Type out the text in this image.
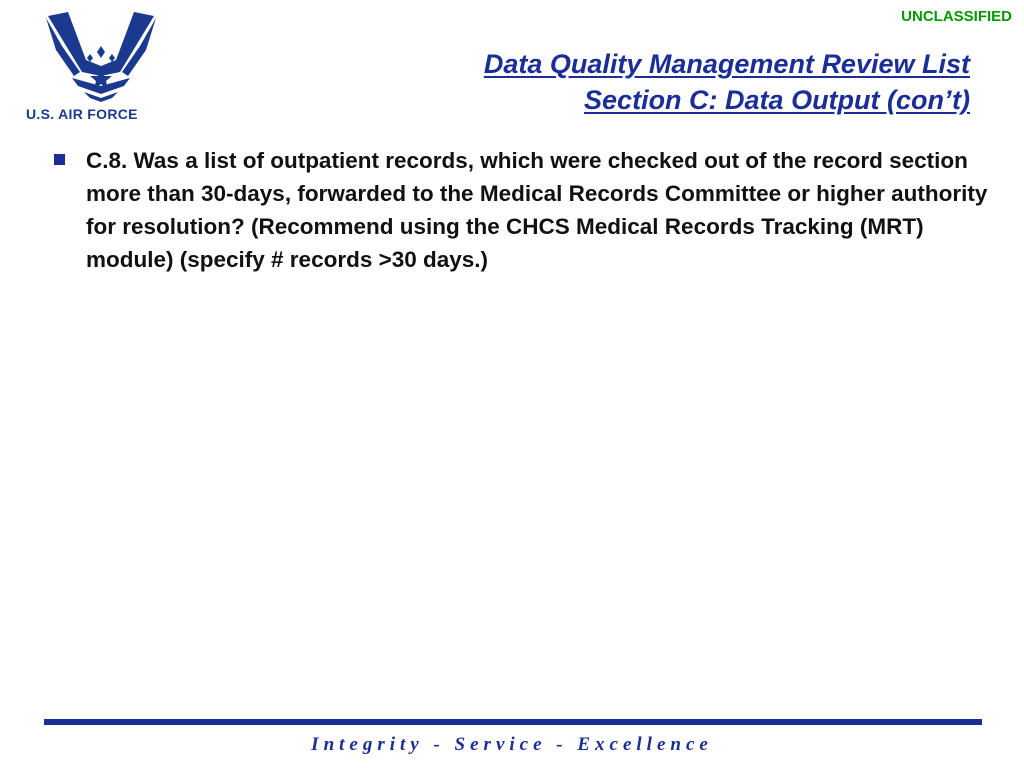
UNCLASSIFIED
U.S. AIR FORCE
Data Quality Management Review List
Section C: Data Output (con’t)
C.8. Was a list of outpatient records, which were checked out of the record section more than 30-days, forwarded to the Medical Records Committee or higher authority for resolution? (Recommend using the CHCS Medical Records Tracking (MRT) module) (specify # records >30 days.)
Integrity - Service - Excellence
